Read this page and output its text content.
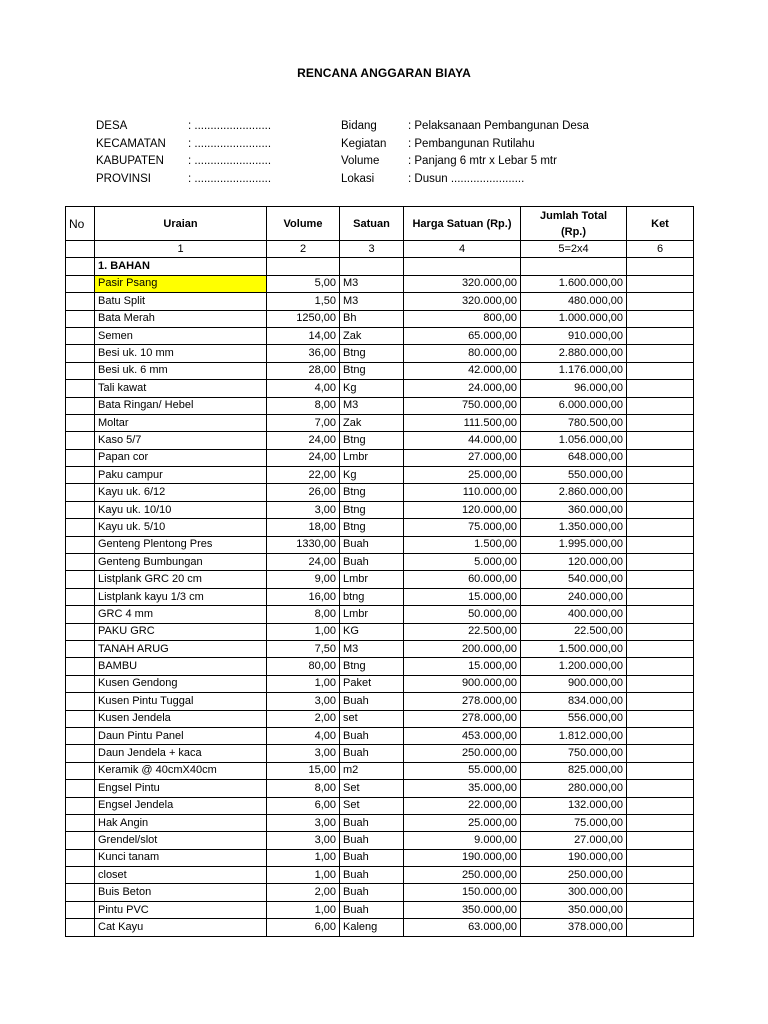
RENCANA ANGGARAN BIAYA
DESA	: ........................
KECAMATAN : ........................
KABUPATEN : ........................
PROVINSI	: ........................
Bidang	: Pelaksanaan Pembangunan Desa
Kegiatan : Pembangunan Rutilahu
Volume : Panjang 6 mtr x Lebar 5 mtr
Lokasi	: Dusun .......................
No	Uraian	Volume	Satuan	Harga Satuan (Rp.)	Jumlah Total
(Rp.)	Ket
	1	2	3	4	5=2x4	6
	1. BAHAN					
	Pasir Psang	5,00	M3	320.000,00	1.600.000,00	
	Batu Split	1,50	M3	320.000,00	480.000,00	
	Bata Merah	1250,00	Bh	800,00	1.000.000,00	
	Semen	14,00	Zak	65.000,00	910.000,00	
	Besi uk. 10 mm	36,00	Btng	80.000,00	2.880.000,00	
	Besi uk. 6 mm	28,00	Btng	42.000,00	1.176.000,00	
	Tali kawat	4,00	Kg	24.000,00	96.000,00	
	Bata Ringan/ Hebel	8,00	M3	750.000,00	6.000.000,00	
	Moltar	7,00	Zak	111.500,00	780.500,00	
	Kaso 5/7	24,00	Btng	44.000,00	1.056.000,00	
	Papan cor	24,00	Lmbr	27.000,00	648.000,00	
	Paku campur	22,00	Kg	25.000,00	550.000,00	
	Kayu uk. 6/12	26,00	Btng	110.000,00	2.860.000,00	
	Kayu uk. 10/10	3,00	Btng	120.000,00	360.000,00	
	Kayu uk. 5/10	18,00	Btng	75.000,00	1.350.000,00	
	Genteng Plentong Pres	1330,00	Buah	1.500,00	1.995.000,00	
	Genteng Bumbungan	24,00	Buah	5.000,00	120.000,00	
	Listplank GRC 20 cm	9,00	Lmbr	60.000,00	540.000,00	
	Listplank kayu 1/3 cm	16,00	btng	15.000,00	240.000,00	
	GRC 4 mm	8,00	Lmbr	50.000,00	400.000,00	
	PAKU GRC	1,00	KG	22.500,00	22.500,00	
	TANAH ARUG	7,50	M3	200.000,00	1.500.000,00	
	BAMBU	80,00	Btng	15.000,00	1.200.000,00	
	Kusen Gendong	1,00	Paket	900.000,00	900.000,00	
	Kusen Pintu Tuggal	3,00	Buah	278.000,00	834.000,00	
	Kusen Jendela	2,00	set	278.000,00	556.000,00	
	Daun Pintu Panel	4,00	Buah	453.000,00	1.812.000,00	
	Daun Jendela + kaca	3,00	Buah	250.000,00	750.000,00	
	Keramik @ 40cmX40cm	15,00	m2	55.000,00	825.000,00	
	Engsel Pintu	8,00	Set	35.000,00	280.000,00	
	Engsel Jendela	6,00	Set	22.000,00	132.000,00	
	Hak Angin	3,00	Buah	25.000,00	75.000,00	
	Grendel/slot	3,00	Buah	9.000,00	27.000,00	
	Kunci tanam	1,00	Buah	190.000,00	190.000,00	
	closet	1,00	Buah	250.000,00	250.000,00	
	Buis Beton	2,00	Buah	150.000,00	300.000,00	
	Pintu PVC	1,00	Buah	350.000,00	350.000,00	
	Cat Kayu	6,00	Kaleng	63.000,00	378.000,00	
